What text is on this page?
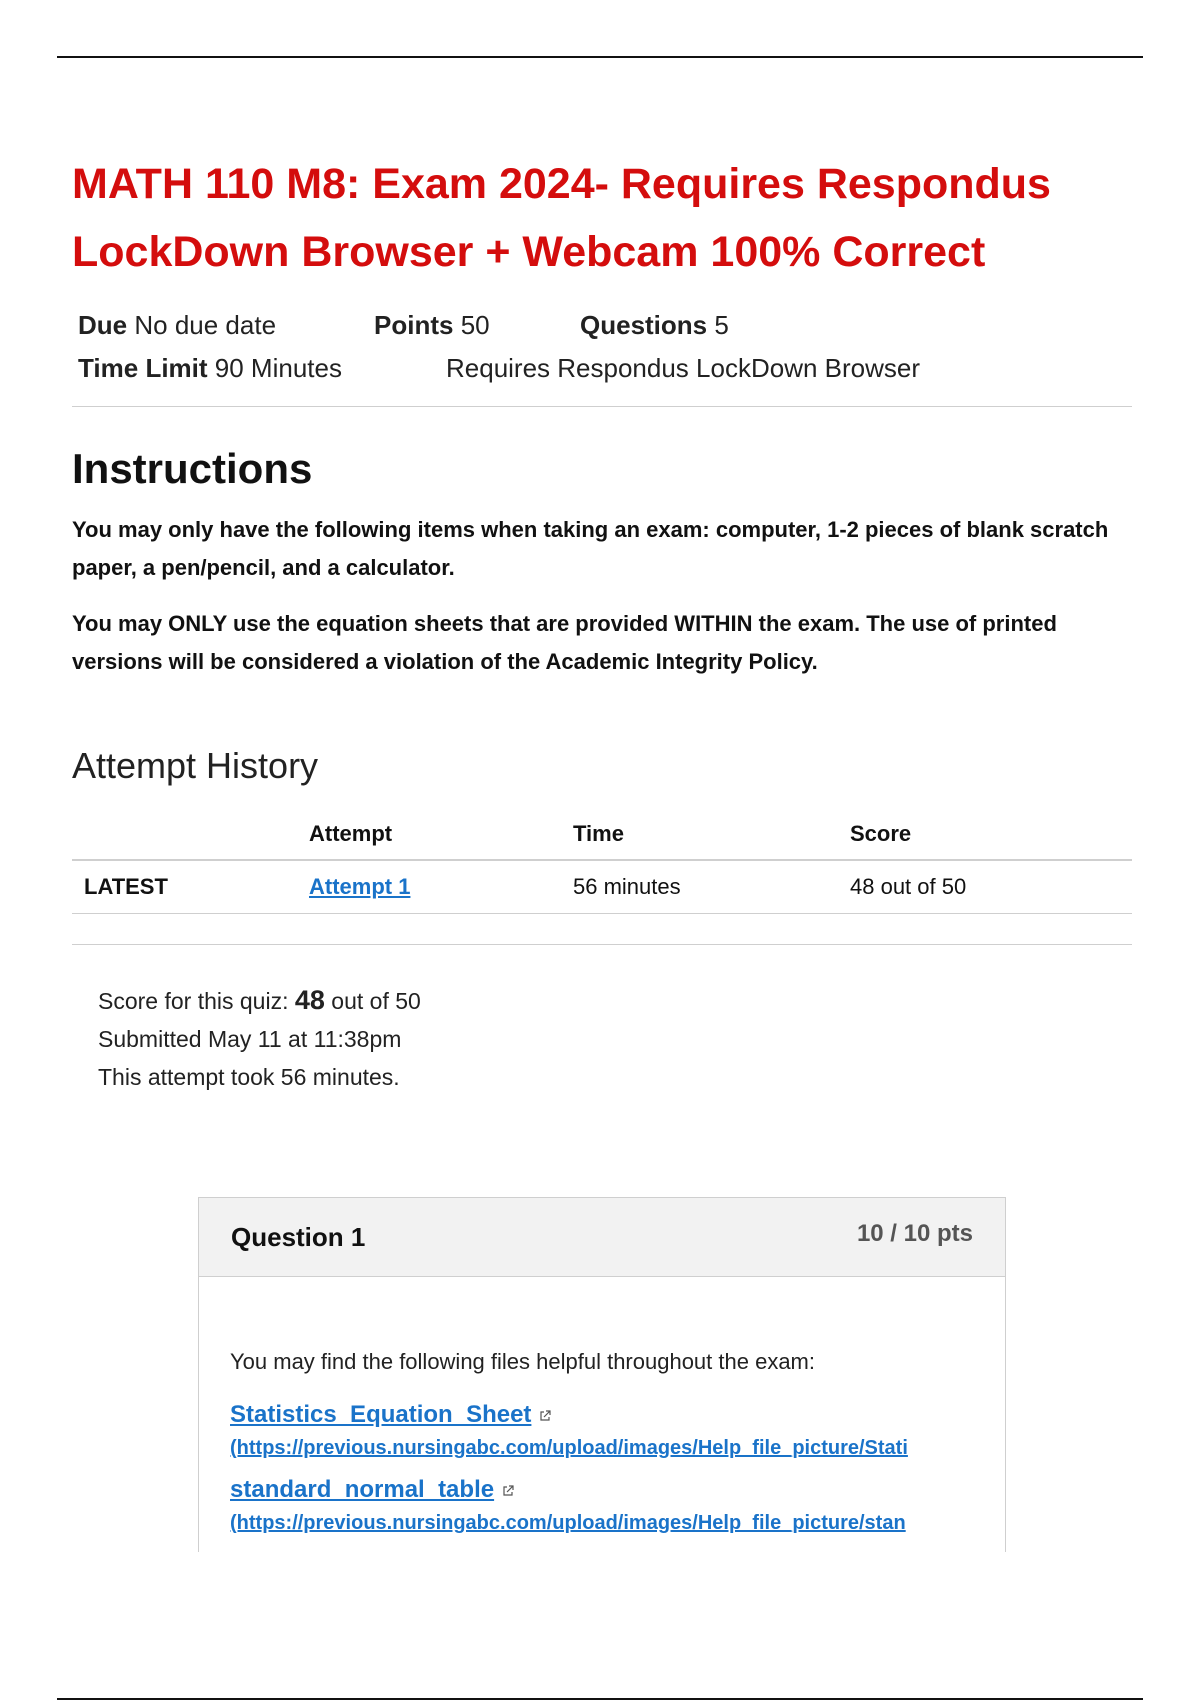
MATH 110 M8: Exam 2024- Requires Respondus LockDown Browser + Webcam 100% Correct
Due No due date	Points 50	Questions 5
Time Limit 90 Minutes	Requires Respondus LockDown Browser
Instructions

You may only have the following items when taking an exam: computer, 1-2 pieces of blank scratch paper, a pen/pencil, and a calculator.

You may ONLY use the equation sheets that are provided WITHIN the exam. The use of printed versions will be considered a violation of the Academic Integrity Policy.

Attempt History
	Attempt	Time	Score
LATEST	Attempt 1	56 minutes	48 out of 50
Score for this quiz: 48 out of 50
Submitted May 11 at 11:38pm
This attempt took 56 minutes.
Question 1	10 / 10 pts

You may find the following files helpful throughout the exam:

Statistics_Equation_Sheet
(https://previous.nursingabc.com/upload/images/Help_file_picture/Stati
standard_normal_table
(https://previous.nursingabc.com/upload/images/Help_file_picture/stan
